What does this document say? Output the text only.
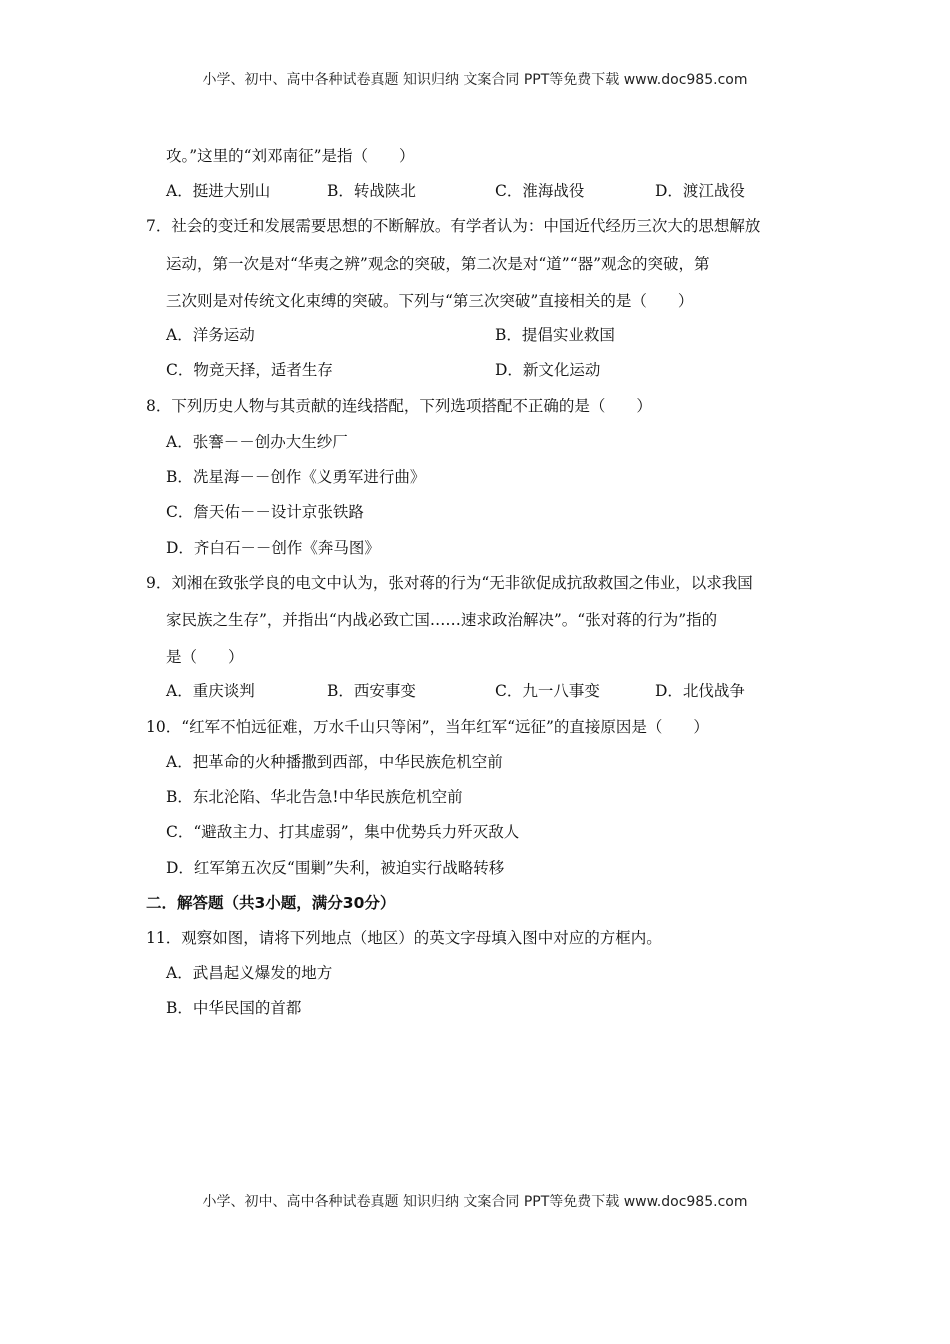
小学、初中、高中各种试卷真题 知识归纳 文案合同 PPT等免费下载 www.doc985.com
攻。”这里的“刘邓南征”是指（　　）
A．挺进大别山	B．转战陕北	C．淮海战役	D．渡江战役
7．社会的变迁和发展需要思想的不断解放。有学者认为：中国近代经历三次大的思想解放
运动，第一次是对“华夷之辨”观念的突破，第二次是对“道”“器”观念的突破，第
三次则是对传统文化束缚的突破。下列与“第三次突破”直接相关的是（　　）
A．洋务运动	B．提倡实业救国
C．物竞天择，适者生存	D．新文化运动
8．下列历史人物与其贡献的连线搭配，下列选项搭配不正确的是（　　）
A．张謇－－创办大生纱厂
B．冼星海－－创作《义勇军进行曲》
C．詹天佑－－设计京张铁路
D．齐白石－－创作《奔马图》
9．刘湘在致张学良的电文中认为，张对蒋的行为“无非欲促成抗敌救国之伟业，以求我国
家民族之生存”，并指出“内战必致亡国……速求政治解决”。“张对蒋的行为”指的
是（　　）
A．重庆谈判	B．西安事变	C．九一八事变	D．北伐战争
10．“红军不怕远征难，万水千山只等闲”，当年红军“远征”的直接原因是（　　）
A．把革命的火种播撒到西部，中华民族危机空前
B．东北沦陷、华北告急!中华民族危机空前
C．“避敌主力、打其虚弱”，集中优势兵力歼灭敌人
D．红军第五次反“围剿”失利，被迫实行战略转移
二．解答题（共3小题，满分30分）
11．观察如图，请将下列地点（地区）的英文字母填入图中对应的方框内。
A．武昌起义爆发的地方
B．中华民国的首都
小学、初中、高中各种试卷真题 知识归纳 文案合同 PPT等免费下载 www.doc985.com
